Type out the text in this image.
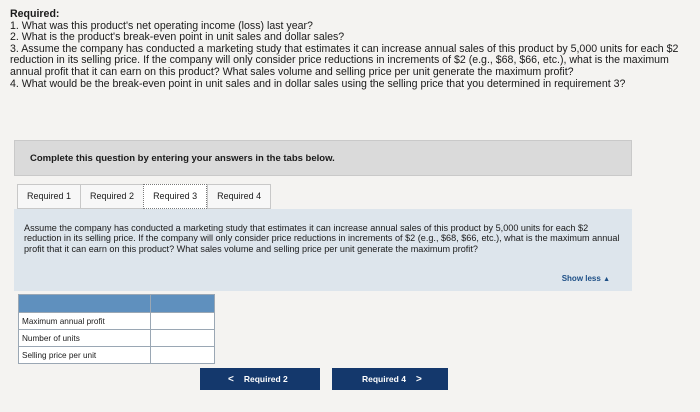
Required:

1. What was this product's net operating income (loss) last year?

2. What is the product's break-even point in unit sales and dollar sales?

3. Assume the company has conducted a marketing study that estimates it can increase annual sales of this product by 5,000 units for each $2 reduction in its selling price. If the company will only consider price reductions in increments of $2 (e.g., $68, $66, etc.), what is the maximum annual profit that it can earn on this product? What sales volume and selling price per unit generate the maximum profit?

4. What would be the break-even point in unit sales and in dollar sales using the selling price that you determined in requirement 3?

Complete this question by entering your answers in the tabs below.
Required 1	Required 2	Required 3	Required 4
Assume the company has conducted a marketing study that estimates it can increase annual sales of this product by 5,000 units for each $2 reduction in its selling price. If the company will only consider price reductions in increments of $2 (e.g., $68, $66, etc.), what is the maximum annual profit that it can earn on this product? What sales volume and selling price per unit generate the maximum profit?
Show less ▲

Maximum annual profit	
Number of units	
Selling price per unit	
< Required 2	Required 4 >
